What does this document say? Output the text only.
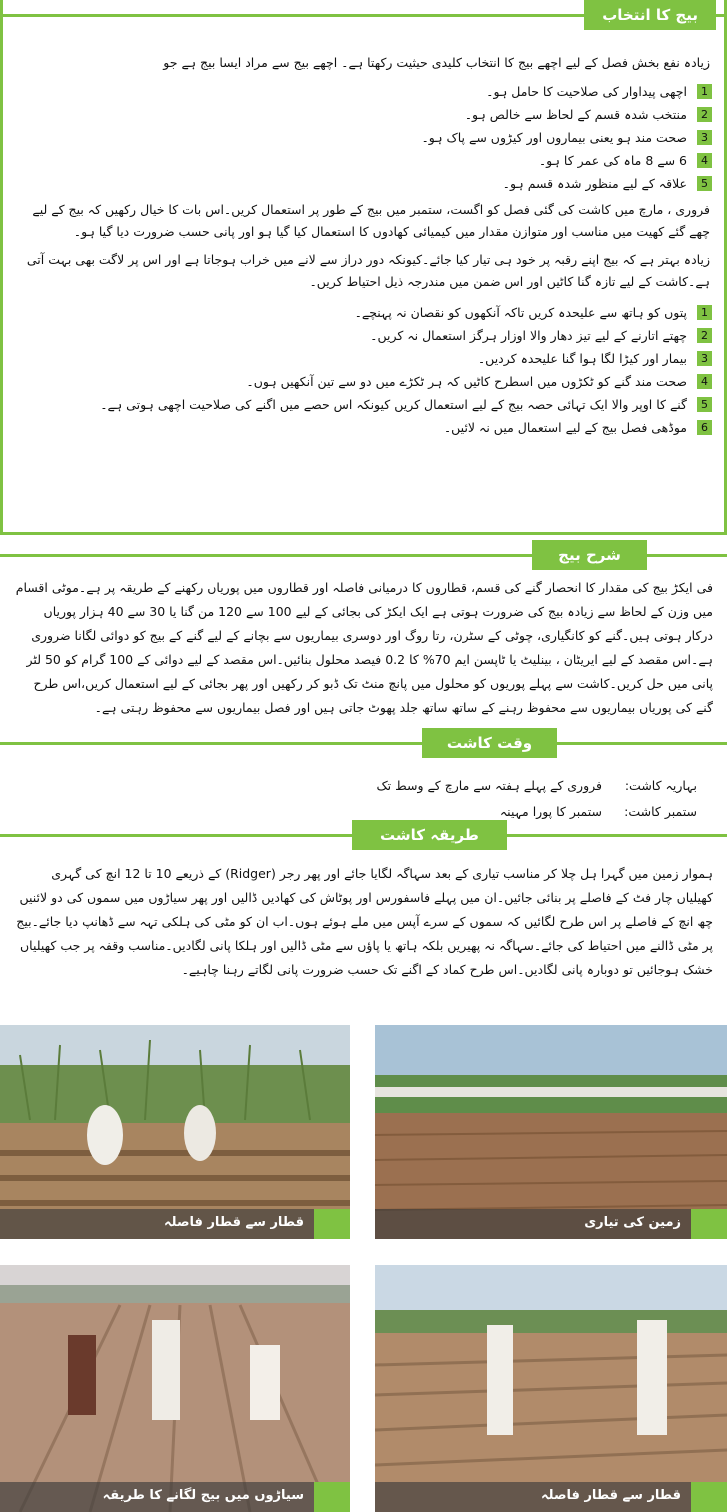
بیج کا انتخاب

زیادہ نفع بخش فصل کے لیے اچھے بیج کا انتخاب کلیدی حیثیت رکھتا ہے۔ اچھے بیج سے مراد ایسا بیج ہے جو

1
اچھی پیداوار کی صلاحیت کا حامل ہو۔
2
منتخب شدہ قسم کے لحاظ سے خالص ہو۔
3
صحت مند ہو یعنی بیماروں اور کیڑوں سے پاک ہو۔
4
6 سے 8 ماہ کی عمر کا ہو۔
5
علاقہ کے لیے منظور شدہ قسم ہو۔

فروری ، مارچ میں کاشت کی گئی فصل کو اگست، ستمبر میں بیج کے طور پر استعمال کریں۔اس بات کا خیال رکھیں کہ بیج کے لیے چھے گئے کھیت میں مناسب اور متوازن مقدار میں کیمیائی کھادوں کا استعمال کیا گیا ہو اور پانی حسب ضرورت دیا گیا ہو۔

زیادہ بہتر ہے کہ بیج اپنے رقبہ پر خود ہی تیار کیا جائے۔کیونکہ دور دراز سے لانے میں خراب ہوجاتا ہے اور اس پر لاگت بھی بہت آتی ہے۔کاشت کے لیے تازہ گنا کاٹیں اور اس ضمن میں مندرجہ ذیل احتیاط کریں۔

1
پتوں کو ہاتھ سے علیحدہ کریں تاکہ آنکھوں کو نقصان نہ پہنچے۔
2
چھتے اتارنے کے لیے تیز دھار والا اوزار ہرگز استعمال نہ کریں۔
3
بیمار اور کیڑا لگا ہوا گنا علیحدہ کردیں۔
4
صحت مند گنے کو ٹکڑوں میں اسطرح کاٹیں کہ ہر ٹکڑے میں دو سے تین آنکھیں ہوں۔
5
گنے کا اوپر والا ایک تہائی حصہ بیج کے لیے استعمال کریں کیونکہ اس حصے میں اگنے کی صلاحیت اچھی ہوتی ہے۔
6
موڈھی فصل بیج کے لیے استعمال میں نہ لائیں۔
شرح بیج

فی ایکڑ بیج کی مقدار کا انحصار گنے کی قسم، قطاروں کا درمیانی فاصلہ اور قطاروں میں پوریاں رکھنے کے طریقہ پر ہے۔موٹی اقسام میں وزن کے لحاظ سے زیادہ بیج کی ضرورت ہوتی ہے ایک ایکڑ کی بجائی کے لیے 100 سے 120 من گنا یا 30 سے 40 ہزار پوریاں درکار ہوتی ہیں۔گنے کو کانگیاری، چوٹی کے سٹرن، رتا روگ اور دوسری بیماریوں سے بچانے کے لیے گنے کے بیج کو دوائی لگانا ضروری ہے۔اس مقصد کے لیے ایریٹان ، بینلیٹ یا ٹاپسن ایم 70% کا 0.2 فیصد محلول بنائیں۔اس مقصد کے لیے دوائی کے 100 گرام کو 50 لٹر پانی میں حل کریں۔کاشت سے پہلے پوریوں کو محلول میں پانچ منٹ تک ڈبو کر رکھیں اور پھر بجائی کے لیے استعمال کریں،اس طرح گنے کی پوریاں بیماریوں سے محفوظ رہنے کے ساتھ ساتھ جلد پھوٹ جاتی ہیں اور فصل بیماریوں سے محفوظ رہتی ہے۔

وقت کاشت
بہاریہ کاشت:
فروری کے پہلے ہفتہ سے مارچ کے وسط تک
ستمبر کاشت:
ستمبر کا پورا مہینہ
طریقہ کاشت

ہموار زمین میں گہرا ہل چلا کر مناسب تیاری کے بعد سہاگہ لگایا جائے اور پھر رجر (Ridger) کے ذریعے 10 تا 12 انچ کی گہری کھیلیاں چار فٹ کے فاصلے پر بنائی جائیں۔ان میں پہلے فاسفورس اور پوٹاش کی کھادیں ڈالیں اور پھر سیاڑوں میں سموں کی دو لائنیں چھ انچ کے فاصلے پر اس طرح لگائیں کہ سموں کے سرے آپس میں ملے ہوئے ہوں۔اب ان کو مٹی کی ہلکی تہہ سے ڈھانپ دیا جائے۔بیج پر مٹی ڈالنے میں احتیاط کی جائے۔سہاگہ نہ پھیریں بلکہ ہاتھ یا پاؤں سے مٹی ڈالیں اور ہلکا پانی لگادیں۔مناسب وقفہ پر جب کھیلیاں خشک ہوجائیں تو دوبارہ پانی لگادیں۔اس طرح کماد کے اگنے تک حسب ضرورت پانی لگاتے رہنا چاہیے۔

قطار سے قطار فاصلہ	زمین کی تیاری
سیاڑوں میں بیج لگانے کا طریقہ	قطار سے قطار فاصلہ
